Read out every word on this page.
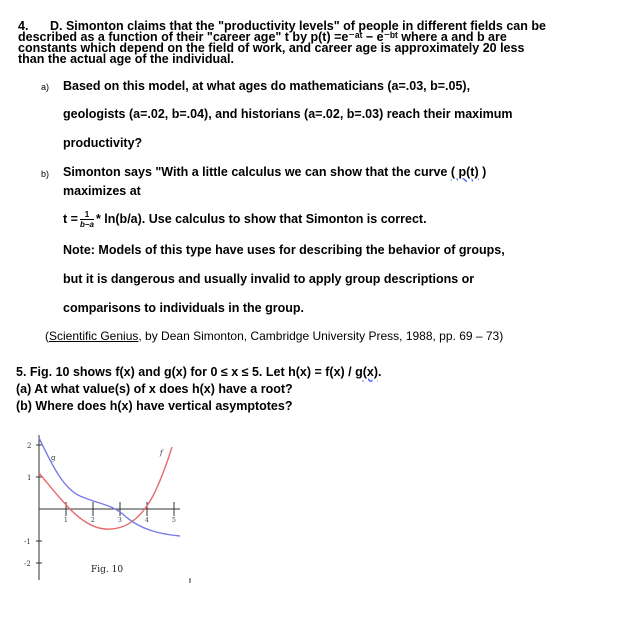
4. D. Simonton claims that the "productivity levels" of people in different fields can be
described as a function of their "career age" t by p(t) =e⁻ᵃᵗ − e⁻ᵇᵗ where a and b are
constants which depend on the field of work, and career age is approximately 20 less
than the actual age of the individual.
a) Based on this model, at what ages do mathematicians (a=.03, b=.05),
geologists (a=.02, b=.04), and historians (a=.02, b=.03) reach their maximum
productivity?
b) Simonton says "With a little calculus we can show that the curve ( p(t) )
maximizes at
$t = \frac{1}{b-a} * \ln(b/a)$. Use calculus to show that Simonton is correct.
Note: Models of this type have uses for describing the behavior of groups,
but it is dangerous and usually invalid to apply group descriptions or
comparisons to individuals in the group.
(Scientific Genius, by Dean Simonton, Cambridge University Press, 1988, pp. 69 – 73)
5. Fig. 10 shows f(x) and g(x) for 0 ≤ x ≤ 5. Let h(x) = f(x) / g(x).
(a) At what value(s) of x does h(x) have a root?
(b) Where does h(x) have vertical asymptotes?
2
1
-1
-2
1	2	3	4	5
g
f
Fig. 10
